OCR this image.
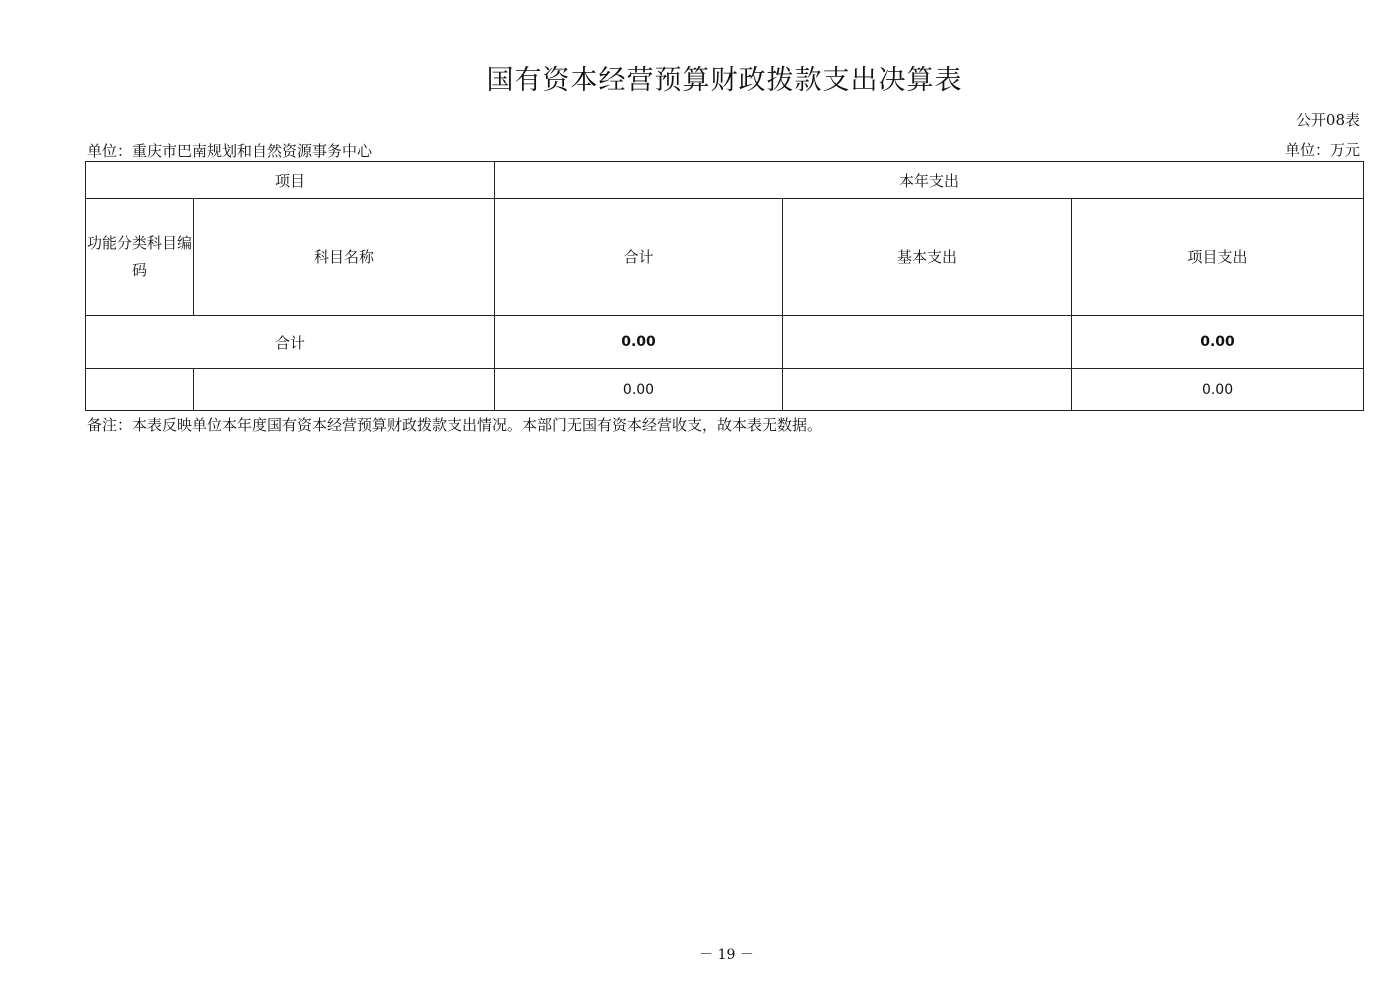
国有资本经营预算财政拨款支出决算表
公开08表
单位：重庆市巴南规划和自然资源事务中心	单位：万元
项目		本年支出		
功能分类科目编码	科目名称	合计	基本支出	项目支出
合计		0.00		0.00
		0.00		0.00
备注：本表反映单位本年度国有资本经营预算财政拨款支出情况。本部门无国有资本经营收支，故本表无数据。
－ 19 －
